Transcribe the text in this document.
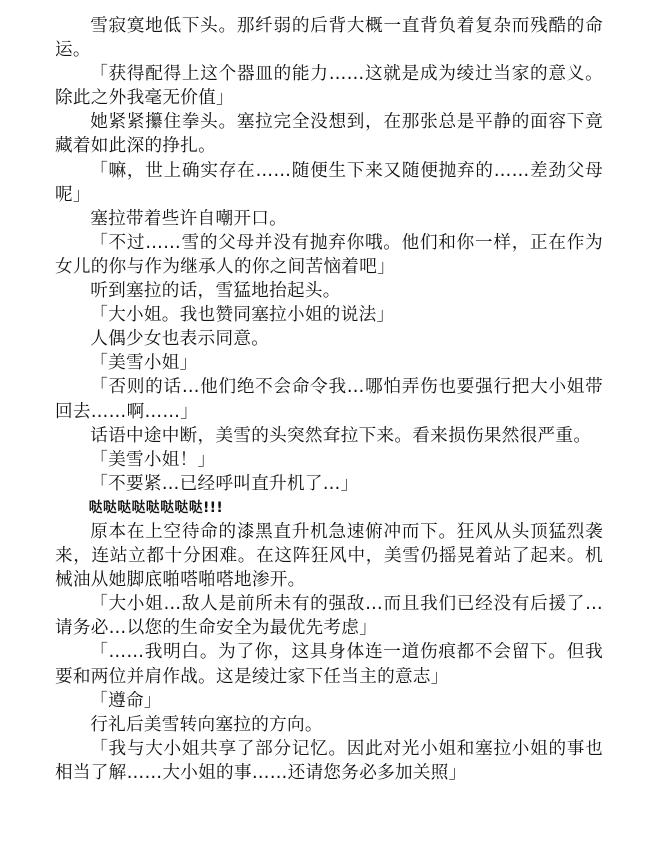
雪寂寞地低下头。那纤弱的后背大概一直背负着复杂而残酷的命运。

「获得配得上这个器皿的能力……这就是成为绫辻当家的意义。除此之外我毫无价值」

她紧紧攥住拳头。塞拉完全没想到，在那张总是平静的面容下竟藏着如此深的挣扎。

「嘛，世上确实存在……随便生下来又随便抛弃的……差劲父母呢」

塞拉带着些许自嘲开口。

「不过……雪的父母并没有抛弃你哦。他们和你一样，正在作为女儿的你与作为继承人的你之间苦恼着吧」

听到塞拉的话，雪猛地抬起头。

「大小姐。我也赞同塞拉小姐的说法」

人偶少女也表示同意。

「美雪小姐」

「否则的话…他们绝不会命令我…哪怕弄伤也要强行把大小姐带回去……啊……」

话语中途中断，美雪的头突然耷拉下来。看来损伤果然很严重。

「美雪小姐！」

「不要紧…已经呼叫直升机了…」

哒哒哒哒哒哒哒哒!!!

原本在上空待命的漆黑直升机急速俯冲而下。狂风从头顶猛烈袭来，连站立都十分困难。在这阵狂风中，美雪仍摇晃着站了起来。机械油从她脚底啪嗒啪嗒地渗开。

「大小姐…敌人是前所未有的强敌…而且我们已经没有后援了…请务必…以您的生命安全为最优先考虑」

「……我明白。为了你，这具身体连一道伤痕都不会留下。但我要和两位并肩作战。这是绫辻家下任当主的意志」

「遵命」

行礼后美雪转向塞拉的方向。

「我与大小姐共享了部分记忆。因此对光小姐和塞拉小姐的事也相当了解……大小姐的事……还请您务必多加关照」
